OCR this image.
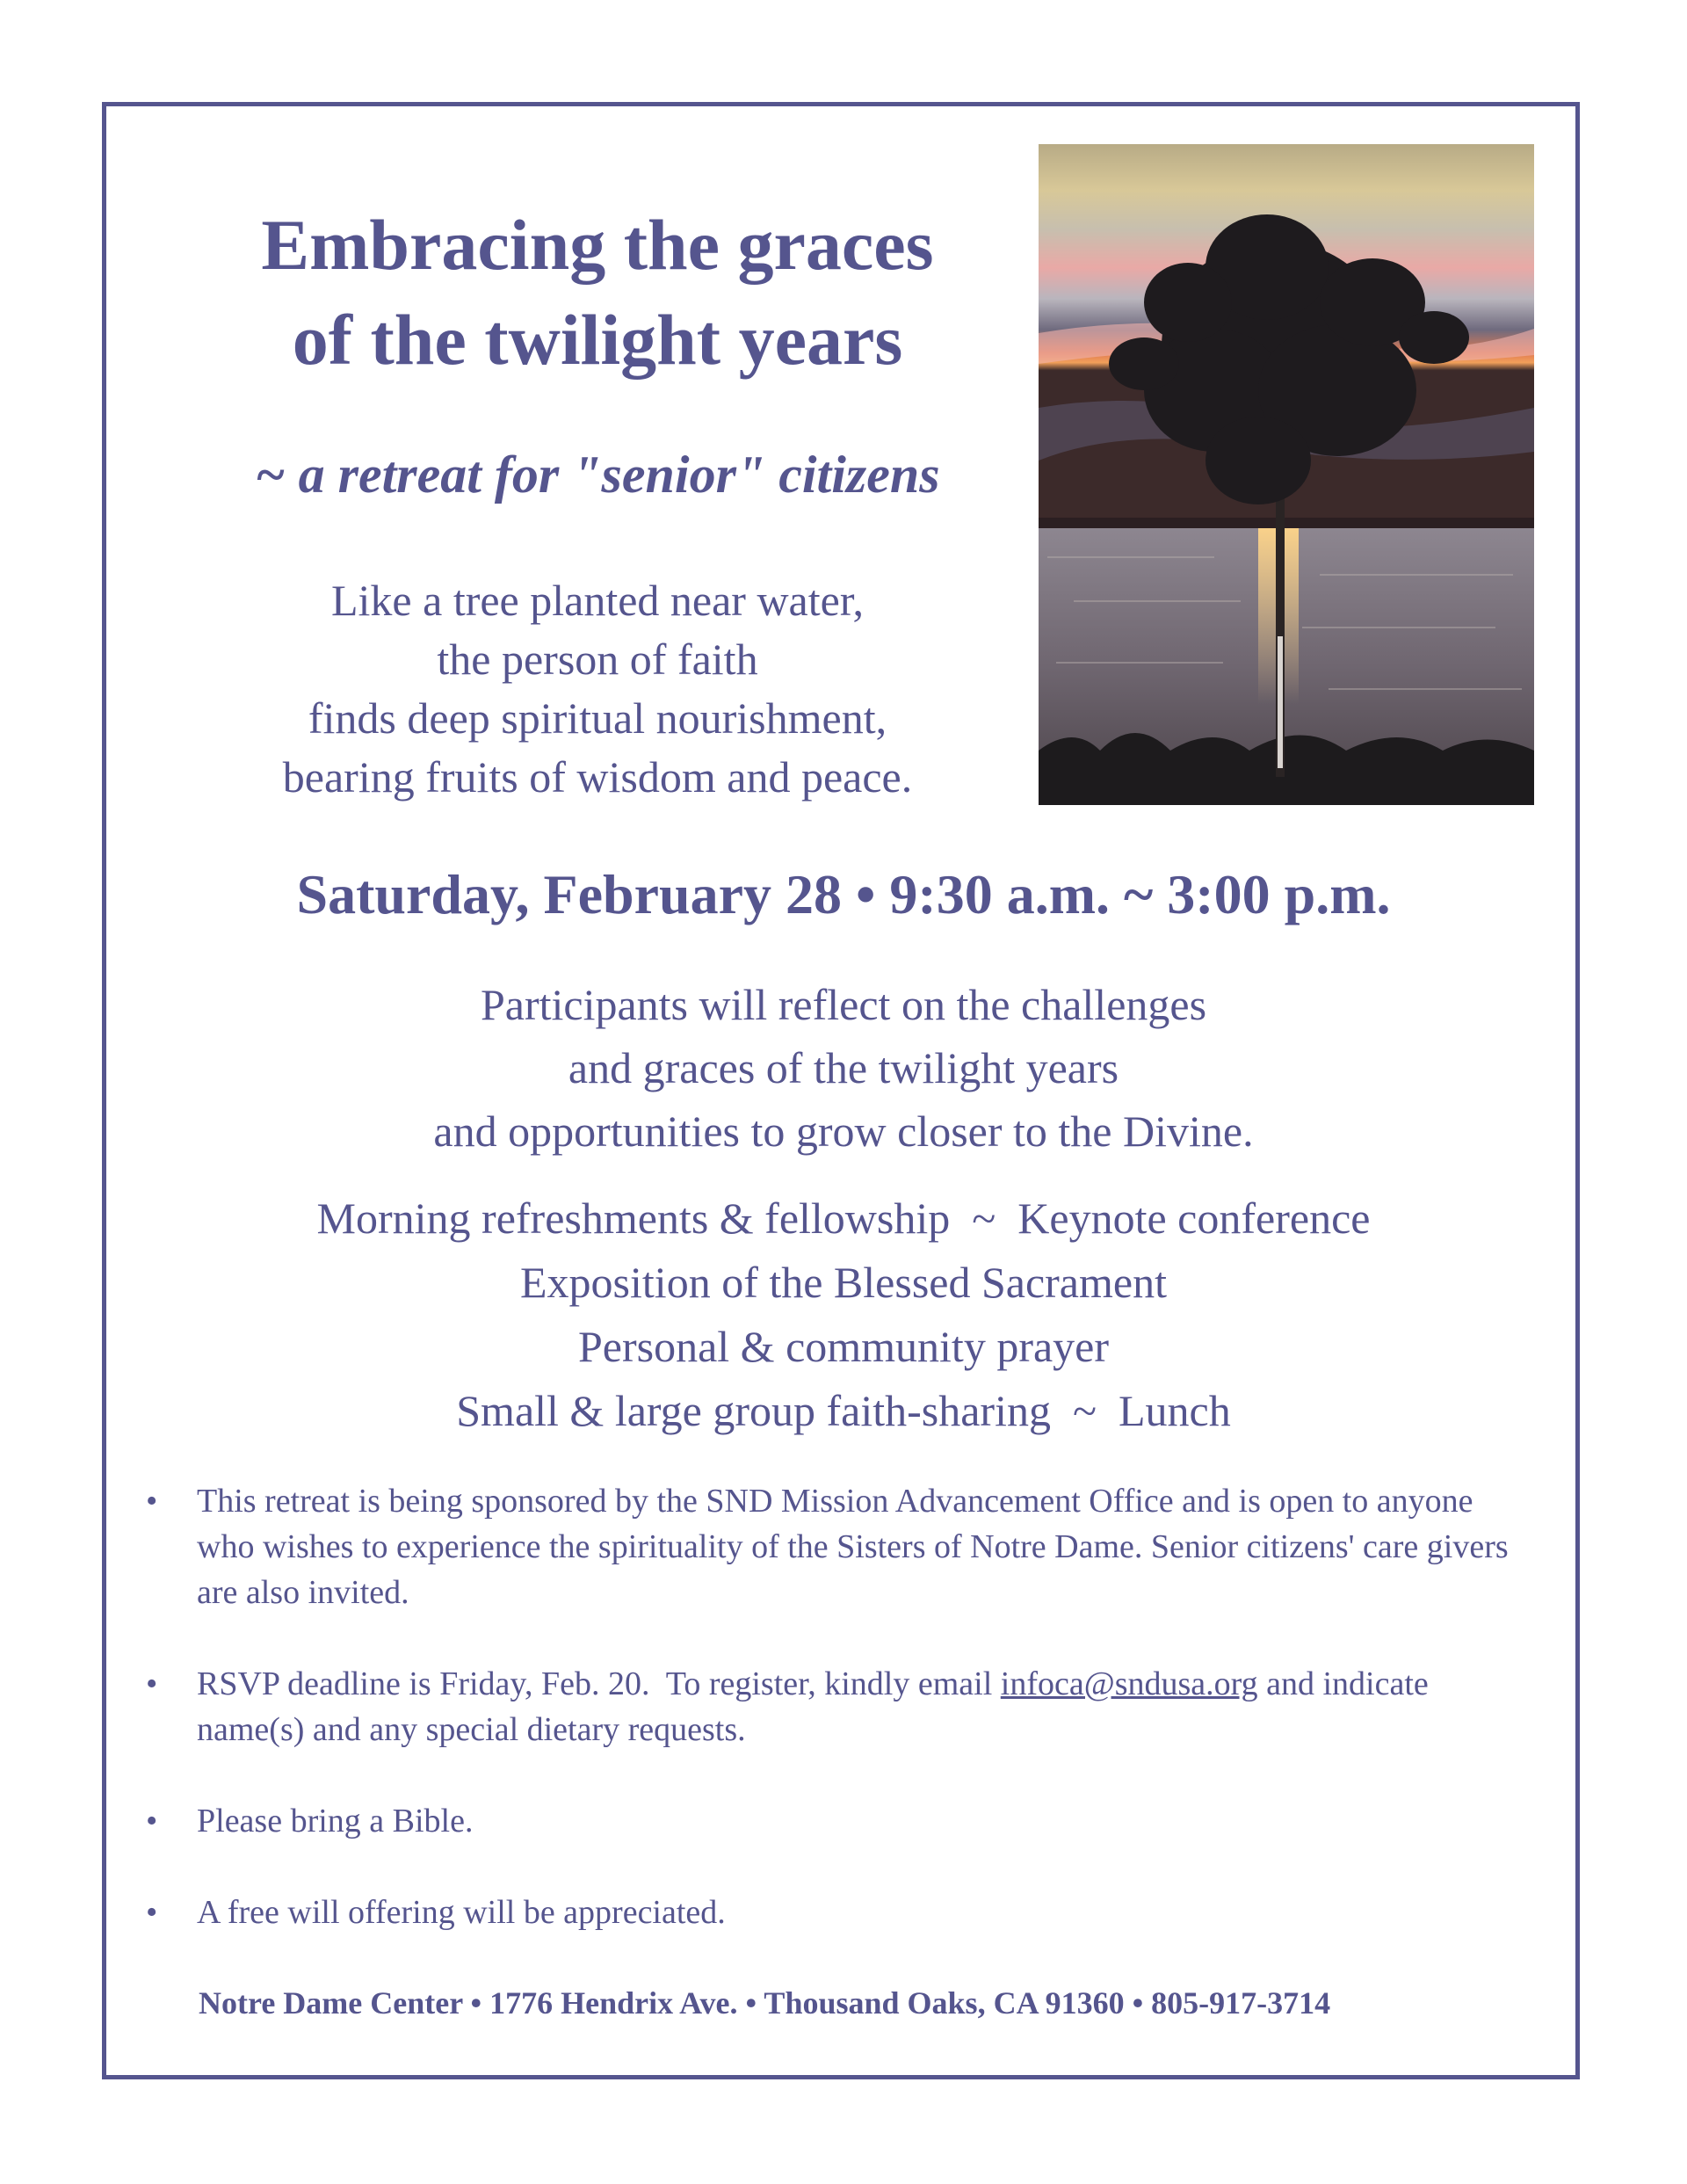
Embracing the graces
of the twilight years
~ a retreat for "senior" citizens
Like a tree planted near water,
the person of faith
finds deep spiritual nourishment,
bearing fruits of wisdom and peace.
Saturday, February 28 • 9:30 a.m. ~ 3:00 p.m.
Participants will reflect on the challenges
and graces of the twilight years
and opportunities to grow closer to the Divine.
Morning refreshments & fellowship  ~  Keynote conference
Exposition of the Blessed Sacrament
Personal & community prayer
Small & large group faith-sharing  ~  Lunch
• This retreat is being sponsored by the SND Mission Advancement Office and is open to anyone who wishes to experience the spirituality of the Sisters of Notre Dame. Senior citizens' care givers are also invited.
• RSVP deadline is Friday, Feb. 20.  To register, kindly email infoca@sndusa.org and indicate name(s) and any special dietary requests.
• Please bring a Bible.
• A free will offering will be appreciated.
Notre Dame Center • 1776 Hendrix Ave. • Thousand Oaks, CA 91360 • 805-917-3714
